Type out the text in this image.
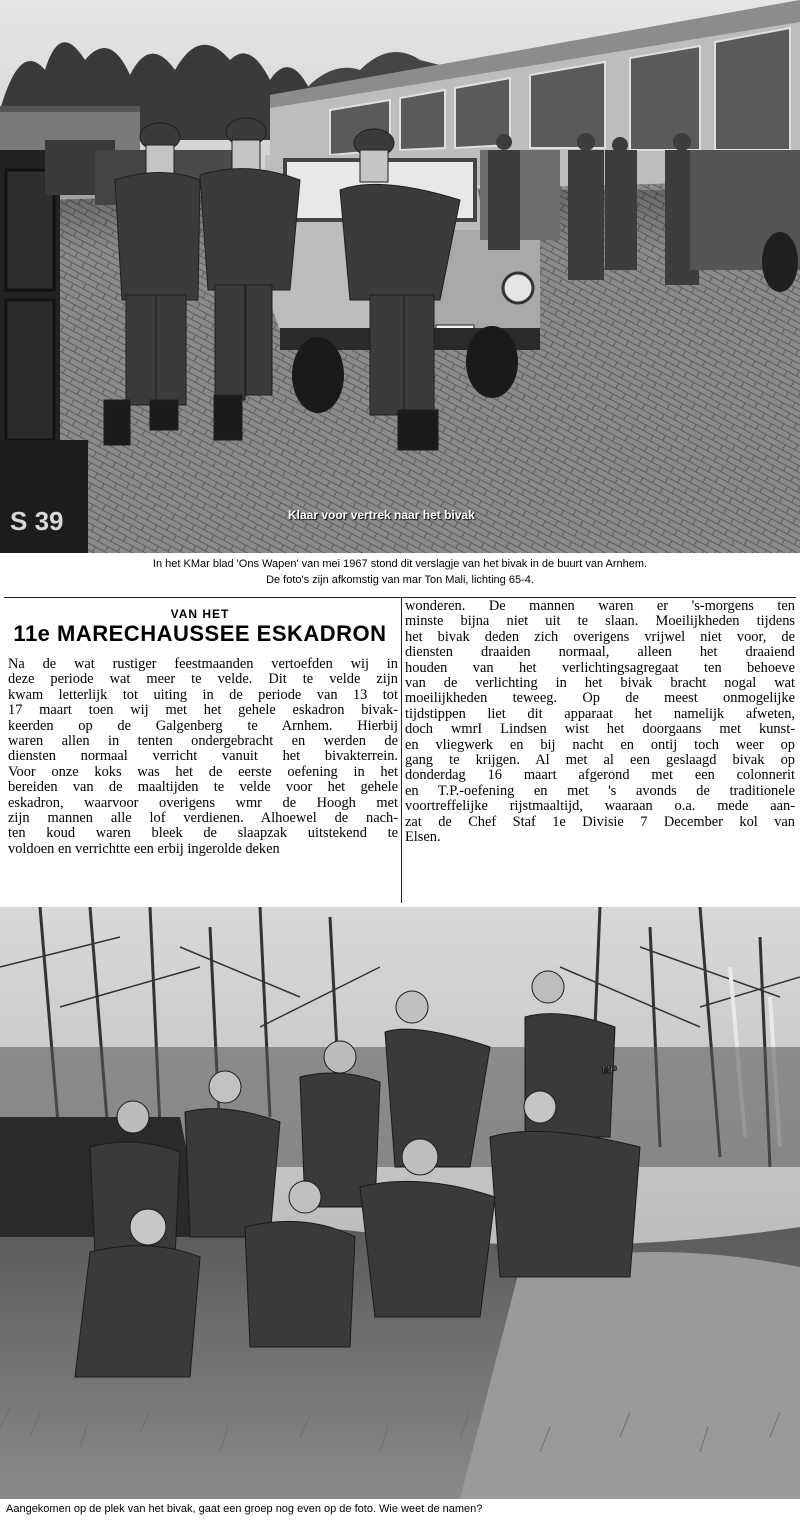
S 39	Klaar voor vertrek naar het bivak
In het KMar blad 'Ons Wapen' van mei 1967 stond dit verslagje van het bivak in de buurt van Arnhem.
De foto's zijn afkomstig van mar Ton Mali, lichting 65-4.
VAN HET
11e MARECHAUSSEE ESKADRON
Na de wat rustiger feestmaanden vertoefden wij in
deze periode wat meer te velde. Dit te velde zijn
kwam letterlijk tot uiting in de periode van 13 tot
17 maart toen wij met het gehele eskadron bivak-
keerden op de Galgenberg te Arnhem. Hierbij
waren allen in tenten ondergebracht en werden de
diensten normaal verricht vanuit het bivakterrein.
Voor onze koks was het de eerste oefening in het
bereiden van de maaltijden te velde voor het gehele
eskadron, waarvoor overigens wmr de Hoogh met
zijn mannen alle lof verdienen. Alhoewel de nach-
ten koud waren bleek de slaapzak uitstekend te
voldoen en verrichtte een erbij ingerolde deken
wonderen. De mannen waren er 's-morgens ten
minste bijna niet uit te slaan. Moeilijkheden tijdens
het bivak deden zich overigens vrijwel niet voor, de
diensten draaiden normaal, alleen het draaiend
houden van het verlichtingsagregaat ten behoeve
van de verlichting in het bivak bracht nogal wat
moeilijkheden teweeg. Op de meest onmogelijke
tijdstippen liet dit apparaat het namelijk afweten,
doch wmrI Lindsen wist het doorgaans met kunst-
en vliegwerk en bij nacht en ontij toch weer op
gang te krijgen. Al met al een geslaagd bivak op
donderdag 16 maart afgerond met een colonnerit
en T.P.-oefening en met 's avonds de traditionele
voortreffelijke rijstmaaltijd, waaraan o.a. mede aan-
zat de Chef Staf 1e Divisie 7 December kol van
Elsen.
MP
Aangekomen op de plek van het bivak, gaat een groep nog even op de foto. Wie weet de namen?
